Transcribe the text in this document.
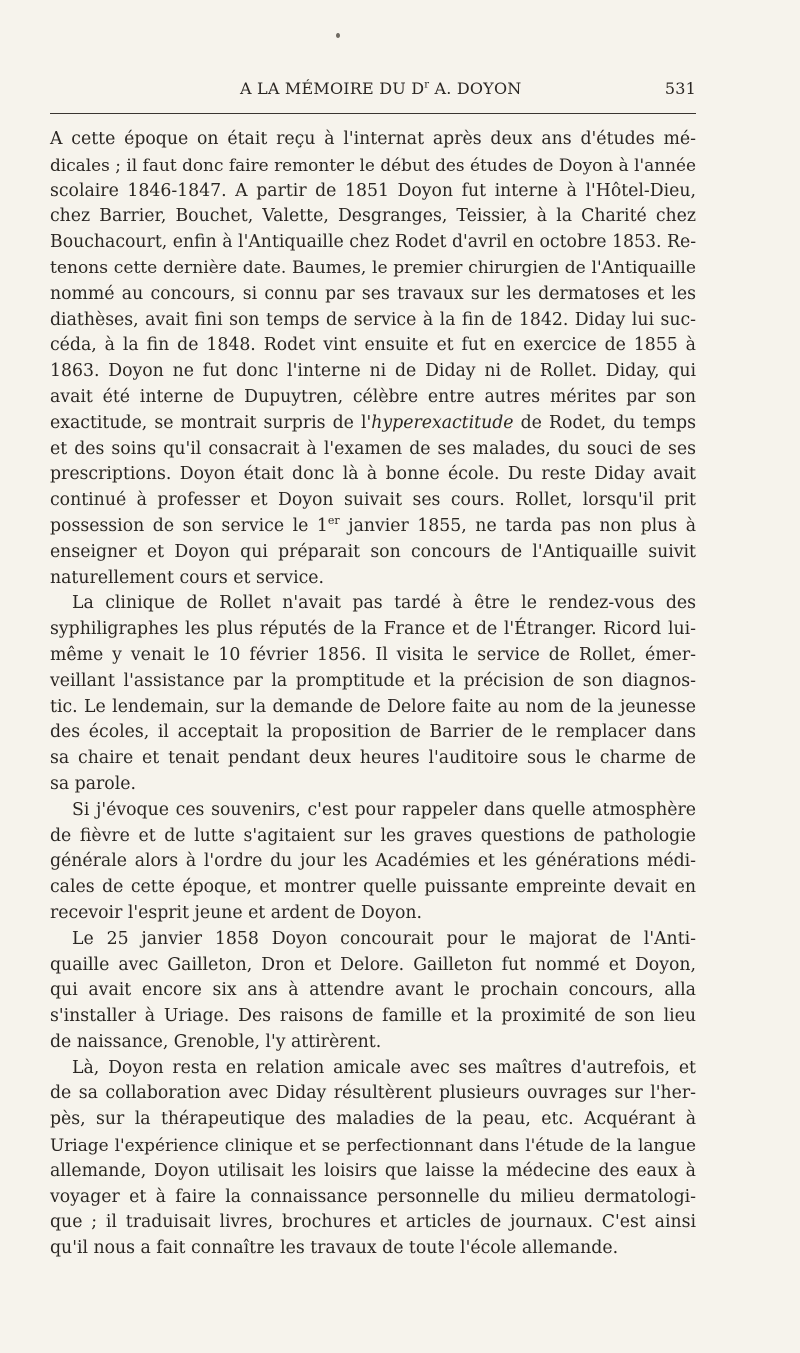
A LA MÉMOIRE DU $D^r$ A. DOYON	531
A cette époque on était reçu à l'internat après deux ans d'études mé-
dicales ; il faut donc faire remonter le début des études de Doyon à l'année
scolaire 1846-1847. A partir de 1851 Doyon fut interne à l'Hôtel-Dieu,
chez Barrier, Bouchet, Valette, Desgranges, Teissier, à la Charité chez
Bouchacourt, enfin à l'Antiquaille chez Rodet d'avril en octobre 1853. Re-
tenons cette dernière date. Baumes, le premier chirurgien de l'Antiquaille
nommé au concours, si connu par ses travaux sur les dermatoses et les
diathèses, avait fini son temps de service à la fin de 1842. Diday lui suc-
céda, à la fin de 1848. Rodet vint ensuite et fut en exercice de 1855 à
1863. Doyon ne fut donc l'interne ni de Diday ni de Rollet. Diday, qui
avait été interne de Dupuytren, célèbre entre autres mérites par son
exactitude, se montrait surpris de l'hyperexactitude de Rodet, du temps
et des soins qu'il consacrait à l'examen de ses malades, du souci de ses
prescriptions. Doyon était donc là à bonne école. Du reste Diday avait
continué à professer et Doyon suivait ses cours. Rollet, lorsqu'il prit
possession de son service le 1er janvier 1855, ne tarda pas non plus à
enseigner et Doyon qui préparait son concours de l'Antiquaille suivit
naturellement cours et service.
La clinique de Rollet n'avait pas tardé à être le rendez-vous des
syphiligraphes les plus réputés de la France et de l'Étranger. Ricord lui-
même y venait le 10 février 1856. Il visita le service de Rollet, émer-
veillant l'assistance par la promptitude et la précision de son diagnos-
tic. Le lendemain, sur la demande de Delore faite au nom de la jeunesse
des écoles, il acceptait la proposition de Barrier de le remplacer dans
sa chaire et tenait pendant deux heures l'auditoire sous le charme de
sa parole.
Si j'évoque ces souvenirs, c'est pour rappeler dans quelle atmosphère
de fièvre et de lutte s'agitaient sur les graves questions de pathologie
générale alors à l'ordre du jour les Académies et les générations médi-
cales de cette époque, et montrer quelle puissante empreinte devait en
recevoir l'esprit jeune et ardent de Doyon.
Le 25 janvier 1858 Doyon concourait pour le majorat de l'Anti-
quaille avec Gailleton, Dron et Delore. Gailleton fut nommé et Doyon,
qui avait encore six ans à attendre avant le prochain concours, alla
s'installer à Uriage. Des raisons de famille et la proximité de son lieu
de naissance, Grenoble, l'y attirèrent.
Là, Doyon resta en relation amicale avec ses maîtres d'autrefois, et
de sa collaboration avec Diday résultèrent plusieurs ouvrages sur l'her-
pès, sur la thérapeutique des maladies de la peau, etc. Acquérant à
Uriage l'expérience clinique et se perfectionnant dans l'étude de la langue
allemande, Doyon utilisait les loisirs que laisse la médecine des eaux à
voyager et à faire la connaissance personnelle du milieu dermatologi-
que ; il traduisait livres, brochures et articles de journaux. C'est ainsi
qu'il nous a fait connaître les travaux de toute l'école allemande.
